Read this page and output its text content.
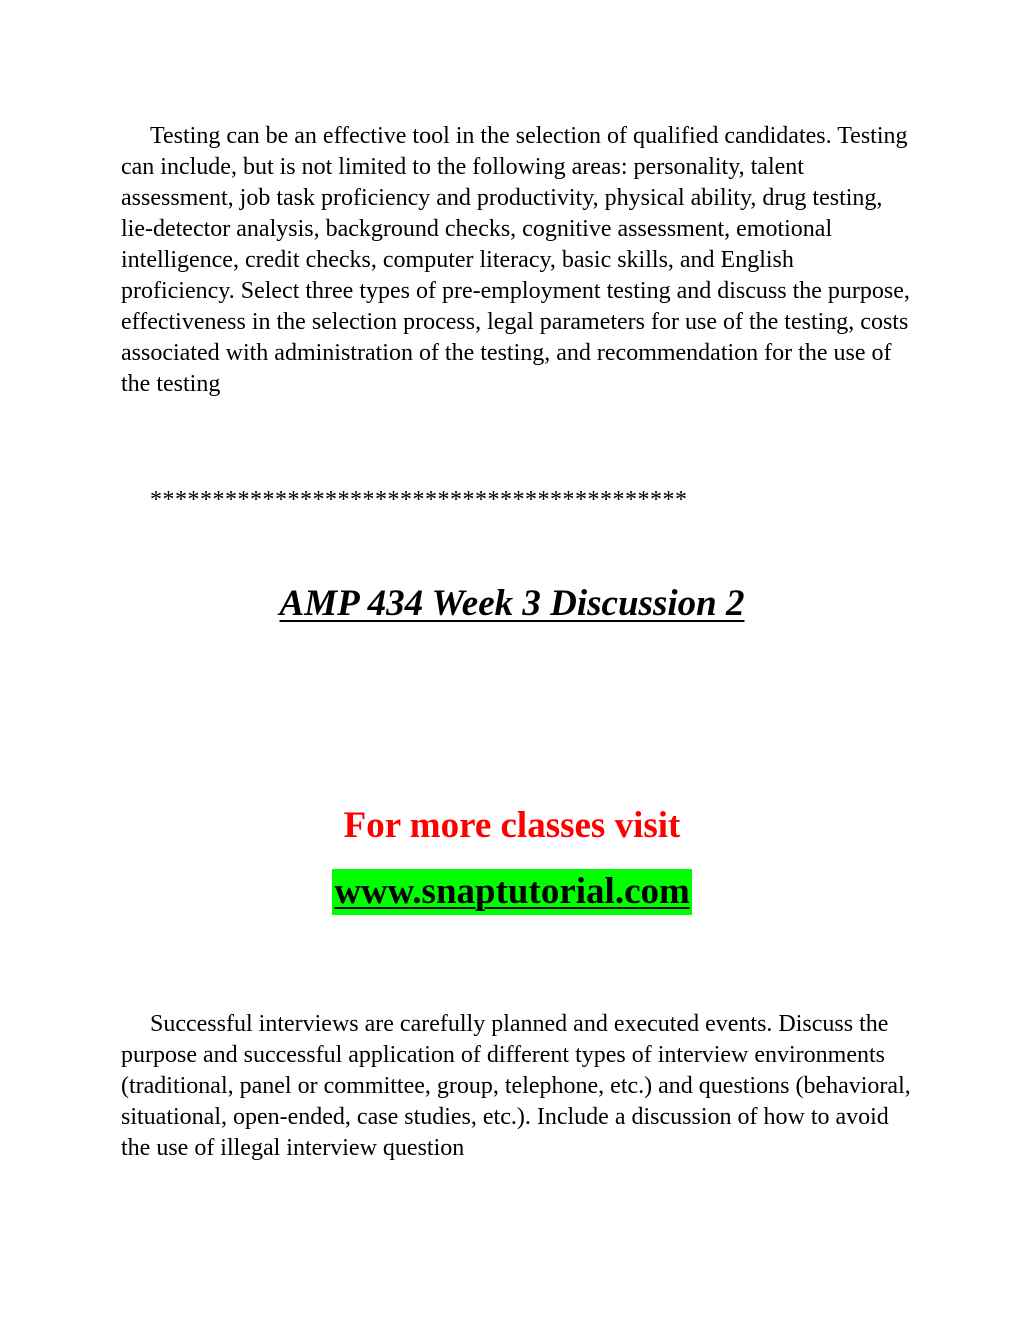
Testing can be an effective tool in the selection of qualified candidates. Testing can include, but is not limited to the following areas: personality, talent assessment, job task proficiency and productivity, physical ability, drug testing, lie-detector analysis, background checks, cognitive assessment, emotional intelligence, credit checks, computer literacy, basic skills, and English proficiency. Select three types of pre-employment testing and discuss the purpose, effectiveness in the selection process, legal parameters for use of the testing, costs associated with administration of the testing, and recommendation for the use of the testing

*******************************************
AMP 434 Week 3 Discussion 2
For more classes visit
www.snaptutorial.com

Successful interviews are carefully planned and executed events. Discuss the purpose and successful application of different types of interview environments (traditional, panel or committee, group, telephone, etc.) and questions (behavioral, situational, open-ended, case studies, etc.). Include a discussion of how to avoid the use of illegal interview question
